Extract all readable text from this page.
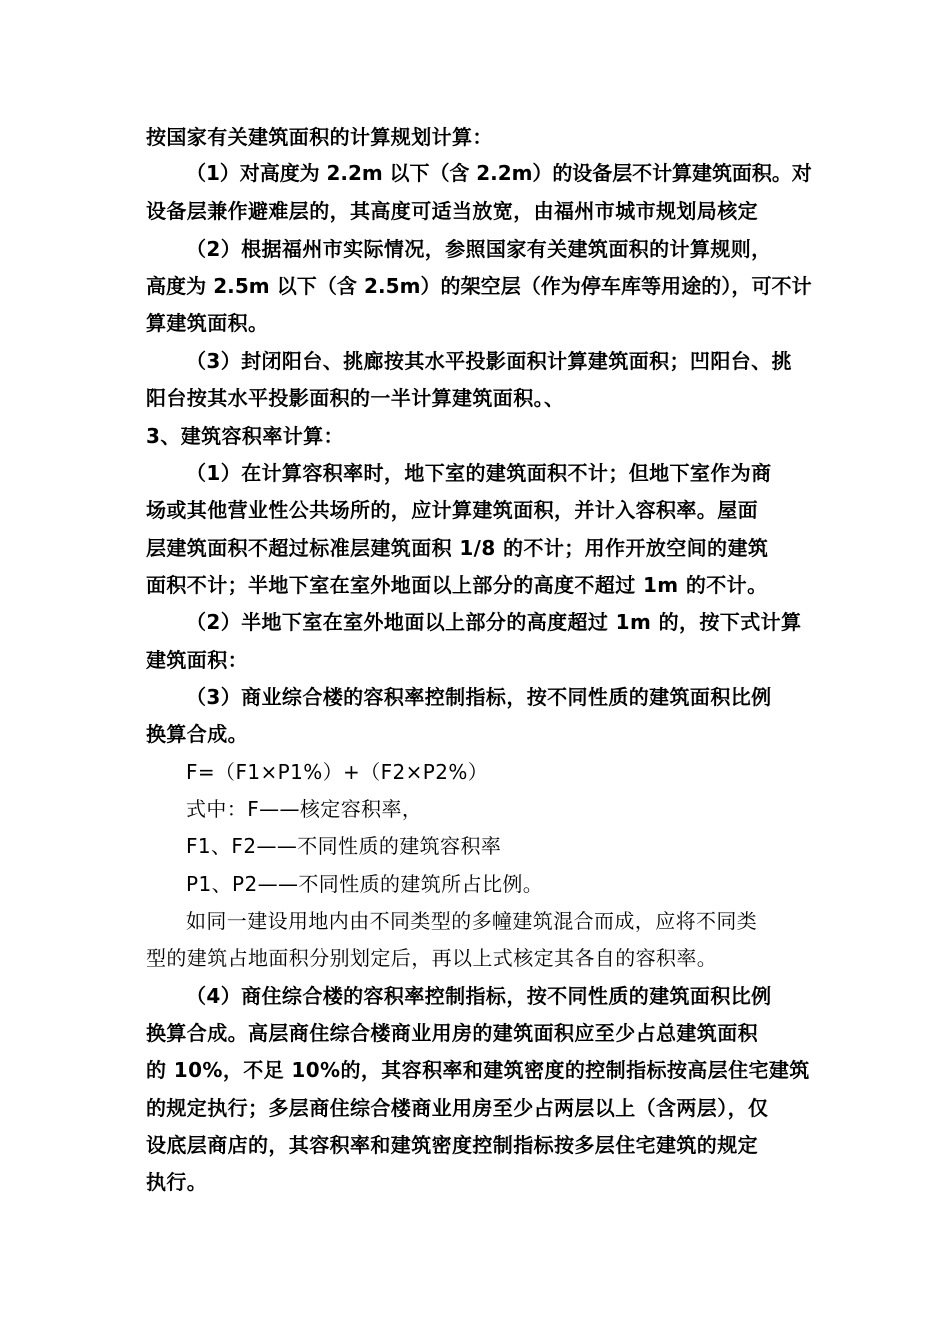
按国家有关建筑面积的计算规划计算：
（1）对高度为 2.2m 以下（含 2.2m）的设备层不计算建筑面积。对
设备层兼作避难层的，其高度可适当放宽，由福州市城市规划局核定
（2）根据福州市实际情况，参照国家有关建筑面积的计算规则，
高度为 2.5m 以下（含 2.5m）的架空层（作为停车库等用途的），可不计
算建筑面积。
（3）封闭阳台、挑廊按其水平投影面积计算建筑面积；凹阳台、挑
阳台按其水平投影面积的一半计算建筑面积。、
3、建筑容积率计算：
（1）在计算容积率时，地下室的建筑面积不计；但地下室作为商
场或其他营业性公共场所的，应计算建筑面积，并计入容积率。屋面
层建筑面积不超过标准层建筑面积 1/8 的不计；用作开放空间的建筑
面积不计；半地下室在室外地面以上部分的高度不超过 1m 的不计。
（2）半地下室在室外地面以上部分的高度超过 1m 的，按下式计算
建筑面积：
（3）商业综合楼的容积率控制指标，按不同性质的建筑面积比例
换算合成。
F=（F1×P1%）+（F2×P2%）
式中：F——核定容积率，
F1、F2——不同性质的建筑容积率
P1、P2——不同性质的建筑所占比例。
如同一建设用地内由不同类型的多幢建筑混合而成，应将不同类
型的建筑占地面积分别划定后，再以上式核定其各自的容积率。
（4）商住综合楼的容积率控制指标，按不同性质的建筑面积比例
换算合成。高层商住综合楼商业用房的建筑面积应至少占总建筑面积
的 10%，不足 10%的，其容积率和建筑密度的控制指标按高层住宅建筑
的规定执行；多层商住综合楼商业用房至少占两层以上（含两层），仅
设底层商店的，其容积率和建筑密度控制指标按多层住宅建筑的规定
执行。
